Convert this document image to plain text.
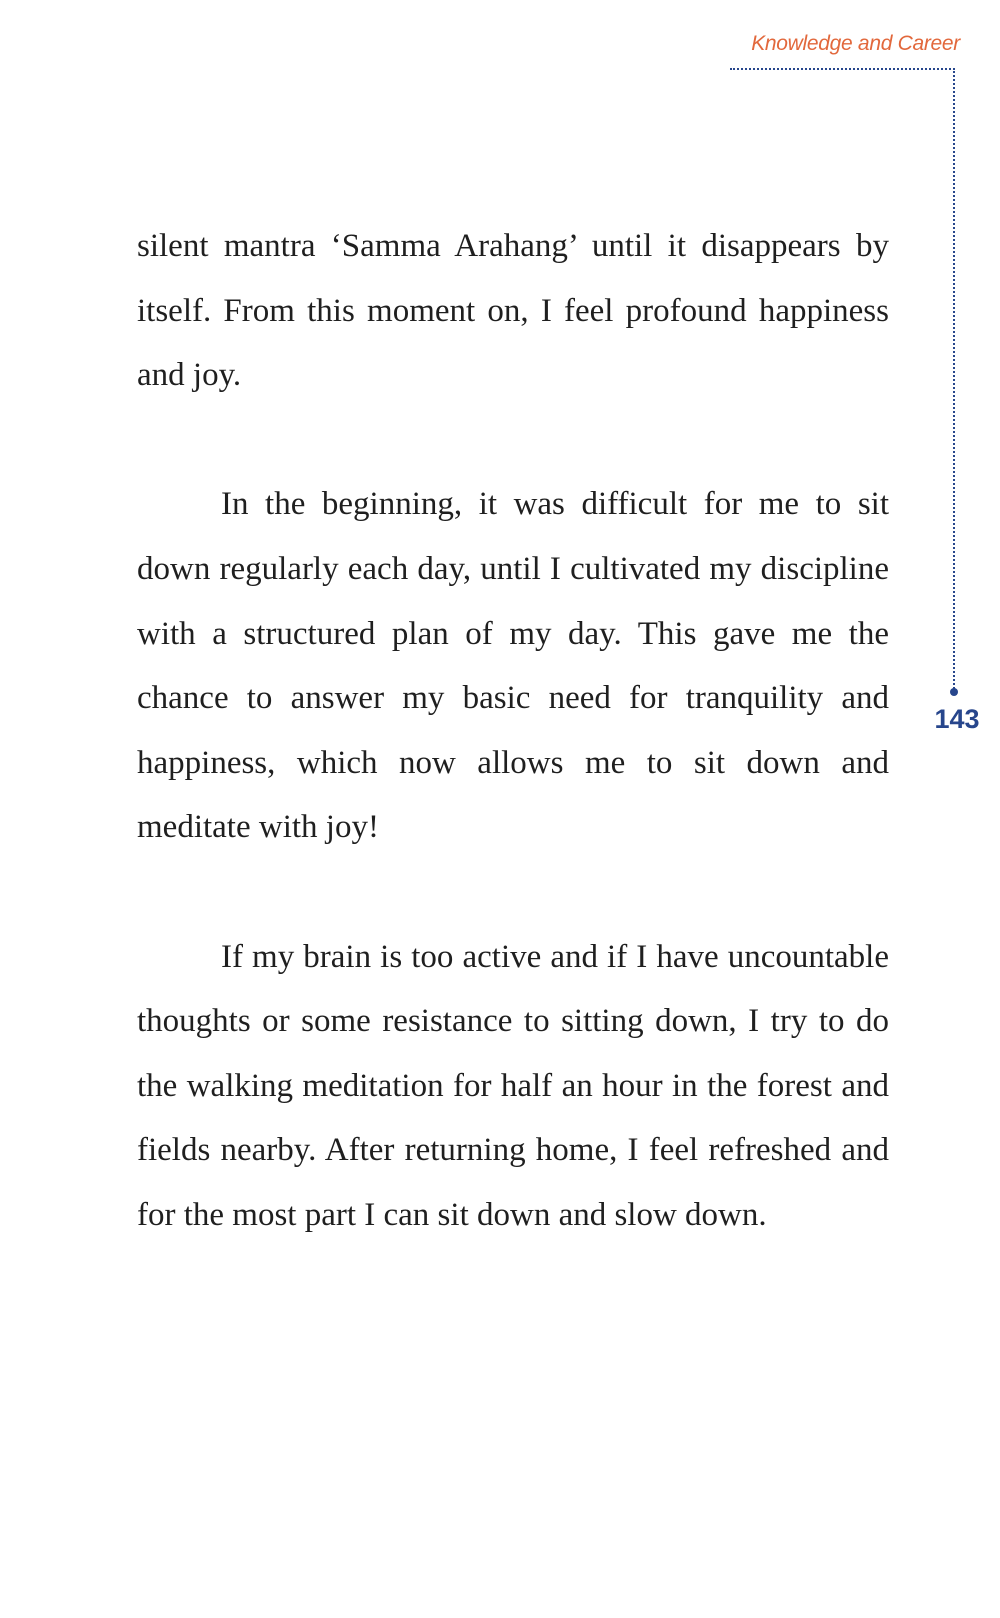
Knowledge and Career
143

silent mantra ‘Samma Arahang’ until it disappears by itself. From this moment on, I feel profound happiness and joy.

In the beginning, it was difficult for me to sit down regularly each day, until I cultivated my discipline with a structured plan of my day. This gave me the chance to answer my basic need for tranquility and happiness, which now allows me to sit down and meditate with joy!

If my brain is too active and if I have uncountable thoughts or some resistance to sitting down, I try to do the walking meditation for half an hour in the forest and fields nearby. After returning home, I feel refreshed and for the most part I can sit down and slow down.
